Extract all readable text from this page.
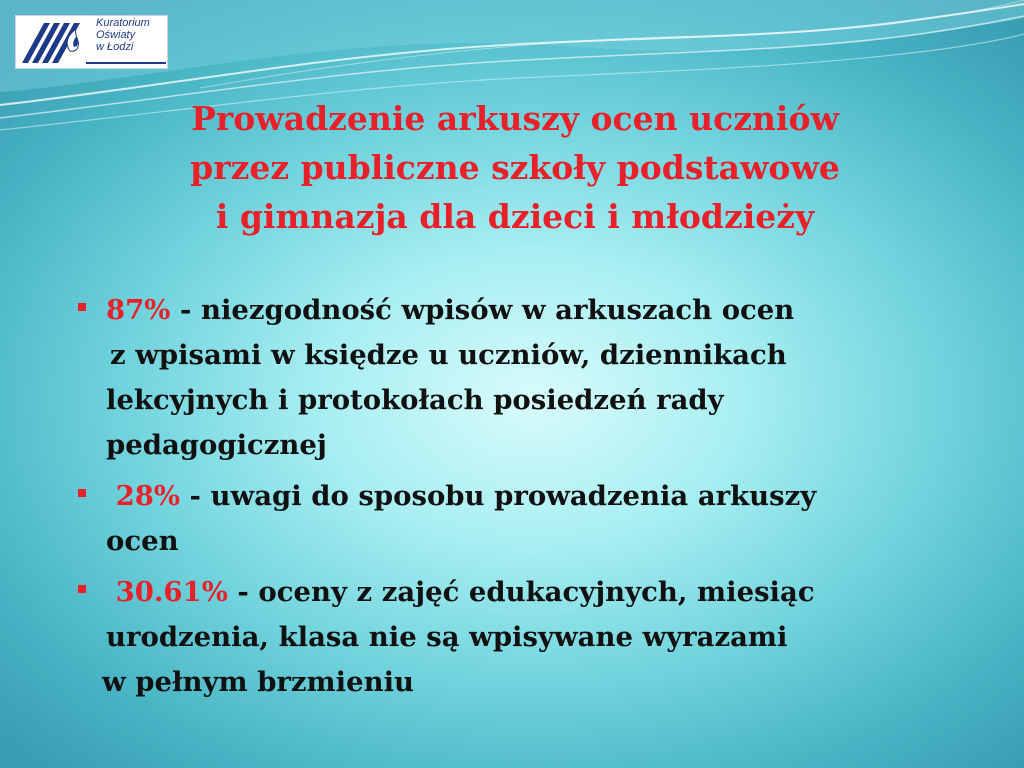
Kuratorium
Oświaty
w Łodzi
Prowadzenie arkuszy ocen uczniów
przez publiczne szkoły podstawowe
i gimnazja dla dzieci i młodzieży
87% - niezgodność wpisów w arkuszach ocen
z wpisami w księdze u uczniów, dziennikach
lekcyjnych i protokołach posiedzeń rady
pedagogicznej
28% - uwagi do sposobu prowadzenia arkuszy
ocen
30.61% - oceny z zajęć edukacyjnych, miesiąc
urodzenia, klasa nie są wpisywane wyrazami
w pełnym brzmieniu
